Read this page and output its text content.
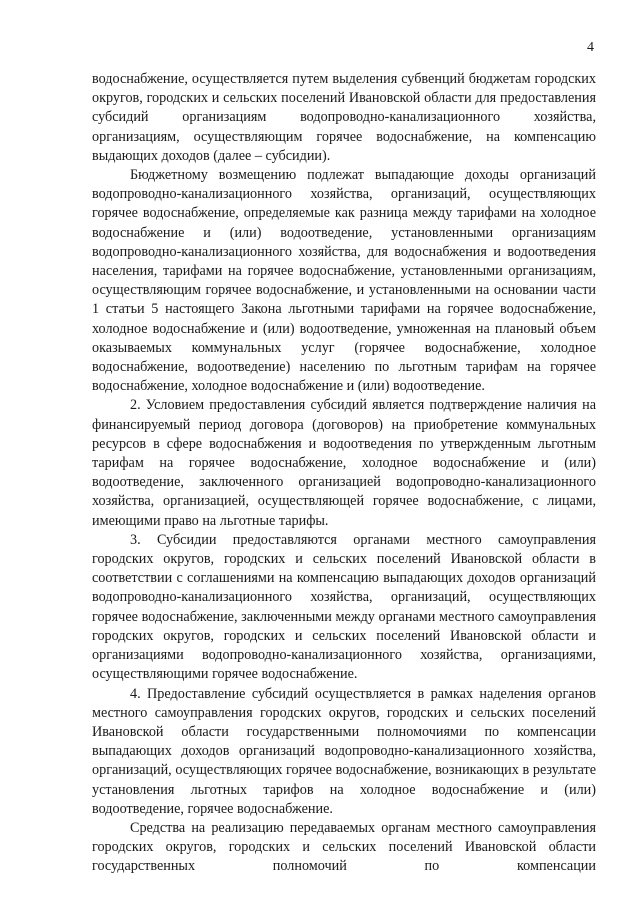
4

водоснабжение, осуществляется путем выделения субвенций бюджетам городских округов, городских и сельских поселений Ивановской области для предоставления субсидий организациям водопроводно-канализационного хозяйства, организациям, осуществляющим горячее водоснабжение, на компенсацию выдающих доходов (далее – субсидии).

Бюджетному возмещению подлежат выпадающие доходы организаций водопроводно-канализационного хозяйства, организаций, осуществляющих горячее водоснабжение, определяемые как разница между тарифами на холодное водоснабжение и (или) водоотведение, установленными организациям водопроводно-канализационного хозяйства, для водоснабжения и водоотведения населения, тарифами на горячее водоснабжение, установленными организациям, осуществляющим горячее водоснабжение, и установленными на основании части 1 статьи 5 настоящего Закона льготными тарифами на горячее водоснабжение, холодное водоснабжение и (или) водоотведение, умноженная на плановый объем оказываемых коммунальных услуг (горячее водоснабжение, холодное водоснабжение, водоотведение) населению по льготным тарифам на горячее водоснабжение, холодное водоснабжение и (или) водоотведение.

2. Условием предоставления субсидий является подтверждение наличия на финансируемый период договора (договоров) на приобретение коммунальных ресурсов в сфере водоснабжения и водоотведения по утвержденным льготным тарифам на горячее водоснабжение, холодное водоснабжение и (или) водоотведение, заключенного организацией водопроводно-канализационного хозяйства, организацией, осуществляющей горячее водоснабжение, с лицами, имеющими право на льготные тарифы.

3. Субсидии предоставляются органами местного самоуправления городских округов, городских и сельских поселений Ивановской области в соответствии с соглашениями на компенсацию выпадающих доходов организаций водопроводно-канализационного хозяйства, организаций, осуществляющих горячее водоснабжение, заключенными между органами местного самоуправления городских округов, городских и сельских поселений Ивановской области и организациями водопроводно-канализационного хозяйства, организациями, осуществляющими горячее водоснабжение.

4. Предоставление субсидий осуществляется в рамках наделения органов местного самоуправления городских округов, городских и сельских поселений Ивановской области государственными полномочиями по компенсации выпадающих доходов организаций водопроводно-канализационного хозяйства, организаций, осуществляющих горячее водоснабжение, возникающих в результате установления льготных тарифов на холодное водоснабжение и (или) водоотведение, горячее водоснабжение.

Средства на реализацию передаваемых органам местного самоуправления городских округов, городских и сельских поселений Ивановской области государственных полномочий по компенсации
